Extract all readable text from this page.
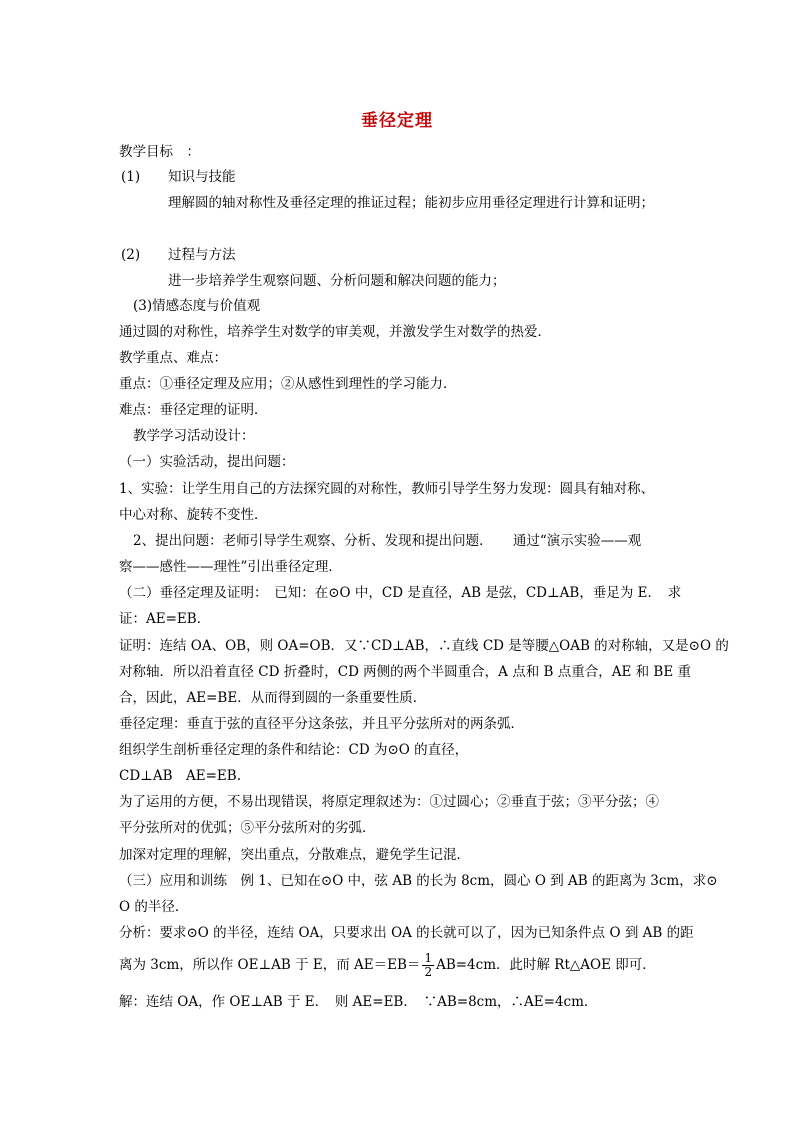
垂径定理
教学目标　：
(1) 知识与技能
理解圆的轴对称性及垂径定理的推证过程；能初步应用垂径定理进行计算和证明；
(2) 过程与方法
进一步培养学生观察问题、分析问题和解决问题的能力；
(3)情感态度与价值观
通过圆的对称性，培养学生对数学的审美观，并激发学生对数学的热爱．
教学重点、难点：
重点：①垂径定理及应用；②从感性到理性的学习能力．
难点：垂径定理的证明．
教学学习活动设计：
（一）实验活动，提出问题：
1、实验：让学生用自己的方法探究圆的对称性，教师引导学生努力发现：圆具有轴对称、
中心对称、旋转不变性．
2、提出问题：老师引导学生观察、分析、发现和提出问题．　　通过“演示实验——观
察——感性——理性”引出垂径定理．
（二）垂径定理及证明：　已知：在⊙O 中，CD 是直径，AB 是弦，CD⊥AB，垂足为 E．　求
证：AE=EB．
证明：连结 OA、OB，则 OA=OB．又∵CD⊥AB，∴直线 CD 是等腰△OAB 的对称轴，又是⊙O 的
对称轴．所以沿着直径 CD 折叠时，CD 两侧的两个半圆重合，A 点和 B 点重合，AE 和 BE 重
合，因此，AE=BE．从而得到圆的一条重要性质．
垂径定理：垂直于弦的直径平分这条弦，并且平分弦所对的两条弧．
组织学生剖析垂径定理的条件和结论：CD 为⊙O 的直径，
CD⊥AB　AE=EB.
为了运用的方便，不易出现错误，将原定理叙述为：①过圆心；②垂直于弦；③平分弦；④
平分弦所对的优弧；⑤平分弦所对的劣弧．
加深对定理的理解，突出重点，分散难点，避免学生记混．
（三）应用和训练　例 1、已知在⊙O 中，弦 AB 的长为 8cm，圆心 O 到 AB 的距离为 3cm，求⊙
O 的半径．
分析：要求⊙O 的半径，连结 OA，只要求出 OA 的长就可以了，因为已知条件点 O 到 AB 的距
离为 3cm，所以作 OE⊥AB 于 E，而 $AE=EB= \frac{1}{2} AB=4cm$．此时解 Rt△AOE 即可．
解：连结 OA，作 OE⊥AB 于 E．　则 AE=EB．　∵AB=8cm，∴AE=4cm．
